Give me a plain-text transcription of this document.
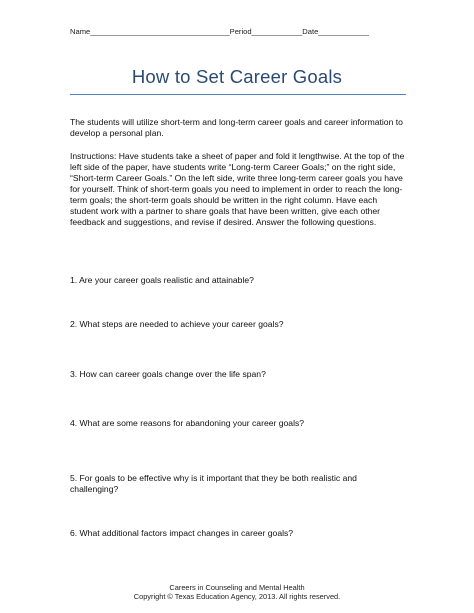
Name_________________________________Period____________Date____________
How to Set Career Goals
The students will utilize short-term and long-term career goals and career information to develop a personal plan.
Instructions: Have students take a sheet of paper and fold it lengthwise. At the top of the left side of the paper, have students write “Long-term Career Goals;” on the right side, “Short-term Career Goals.” On the left side, write three long-term career goals you have for yourself. Think of short-term goals you need to implement in order to reach the long-term goals; the short-term goals should be written in the right column. Have each student work with a partner to share goals that have been written, give each other feedback and suggestions, and revise if desired. Answer the following questions.
1. Are your career goals realistic and attainable?
2. What steps are needed to achieve your career goals?
3. How can career goals change over the life span?
4. What are some reasons for abandoning your career goals?
5. For goals to be effective why is it important that they be both realistic and challenging?
6. What additional factors impact changes in career goals?
Careers in Counseling and Mental Health
Copyright © Texas Education Agency, 2013. All rights reserved.
